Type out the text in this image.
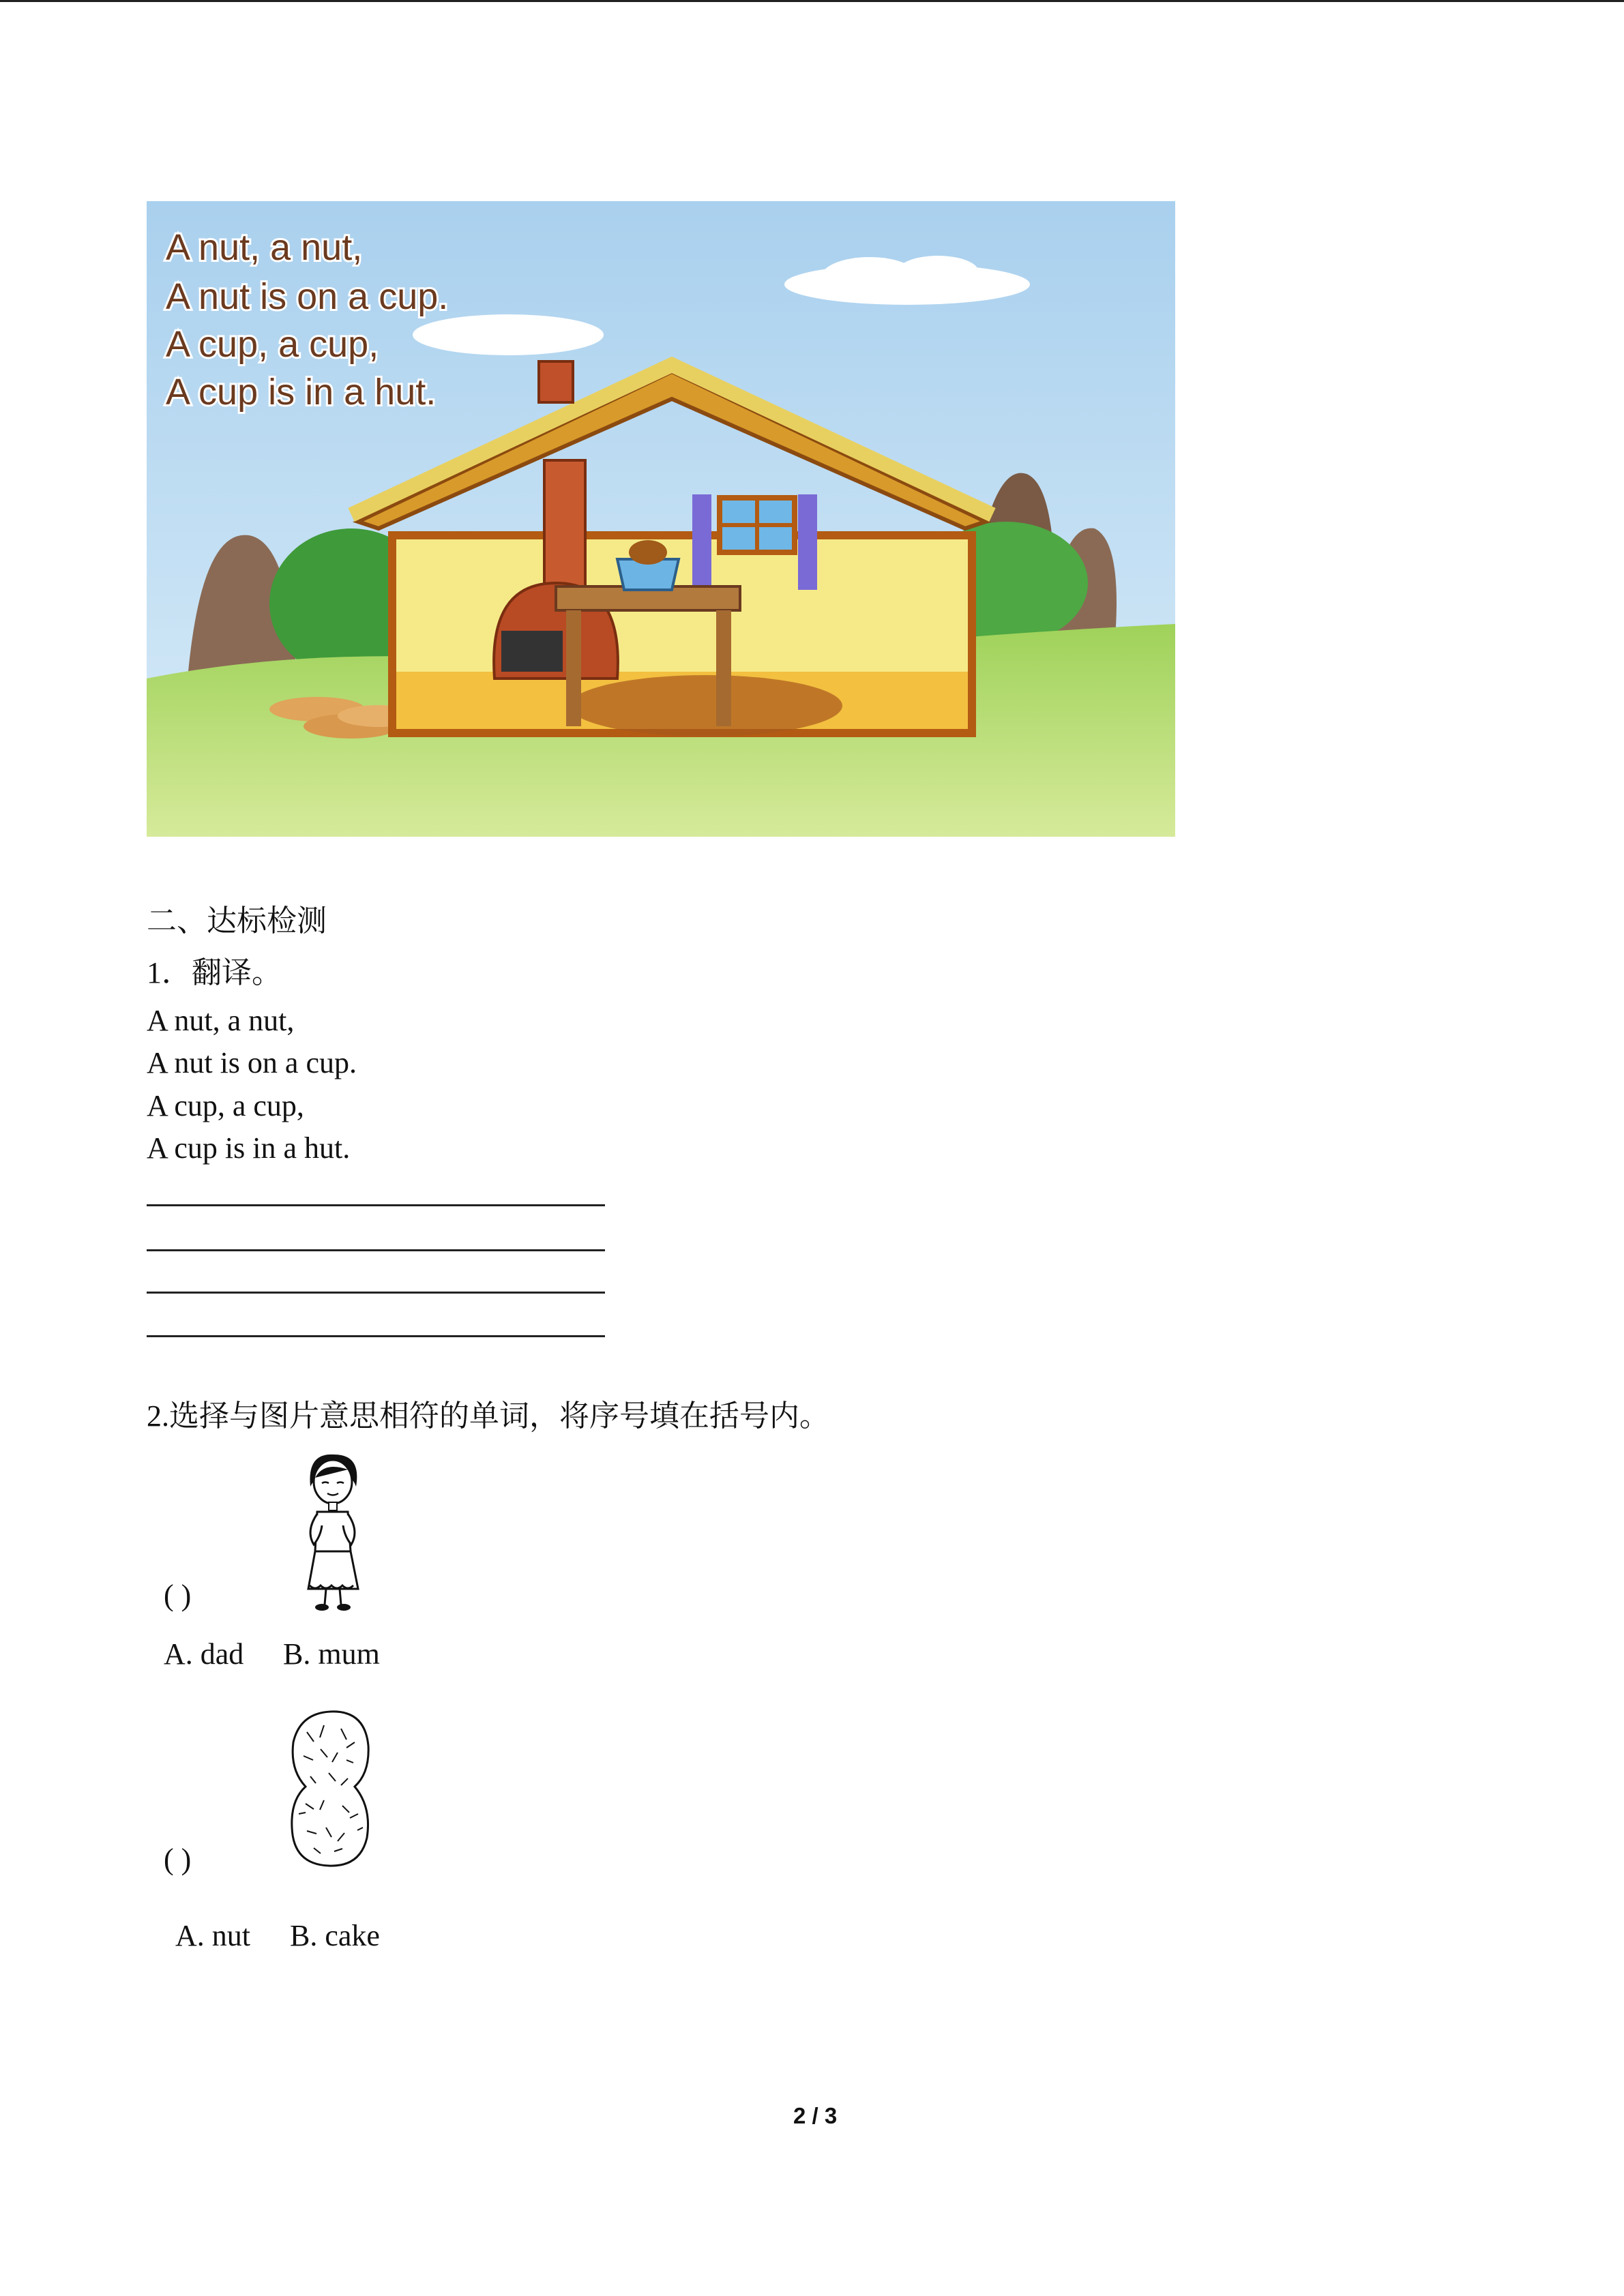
A nut, a nut,
A nut is on a cup.
A cup, a cup,
A cup is in a hut.
二、达标检测
1．翻译。
A nut, a nut,
A nut is on a cup.
A cup, a cup,
A cup is in a hut.
2.选择与图片意思相符的单词，将序号填在括号内。
( )
A. dad B. mum
( )
A. nut B. cake
2 / 3
